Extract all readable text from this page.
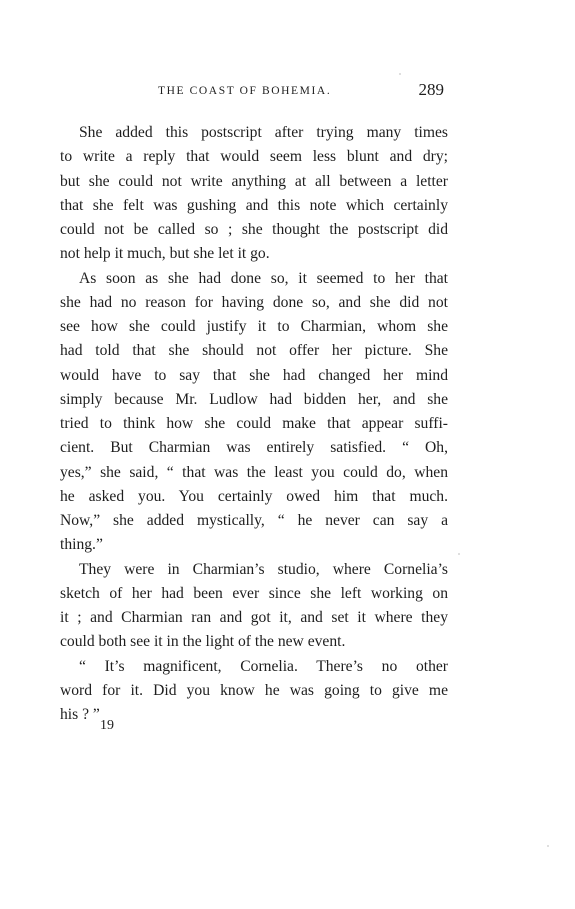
THE COAST OF BOHEMIA.	289
She added this postscript after trying many times
to write a reply that would seem less blunt and dry;
but she could not write anything at all between a letter
that she felt was gushing and this note which certainly
could not be called so ; she thought the postscript did
not help it much, but she let it go.
As soon as she had done so, it seemed to her that
she had no reason for having done so, and she did not
see how she could justify it to Charmian, whom she
had told that she should not offer her picture. She
would have to say that she had changed her mind
simply because Mr. Ludlow had bidden her, and she
tried to think how she could make that appear suffi-
cient. But Charmian was entirely satisfied. “ Oh,
yes,” she said, “ that was the least you could do, when
he asked you. You certainly owed him that much.
Now,” she added mystically, “ he never can say a
thing.”
They were in Charmian’s studio, where Cornelia’s
sketch of her had been ever since she left working on
it ; and Charmian ran and got it, and set it where they
could both see it in the light of the new event.
“ It’s magnificent, Cornelia. There’s no other
word for it. Did you know he was going to give me
his ? ”
19
